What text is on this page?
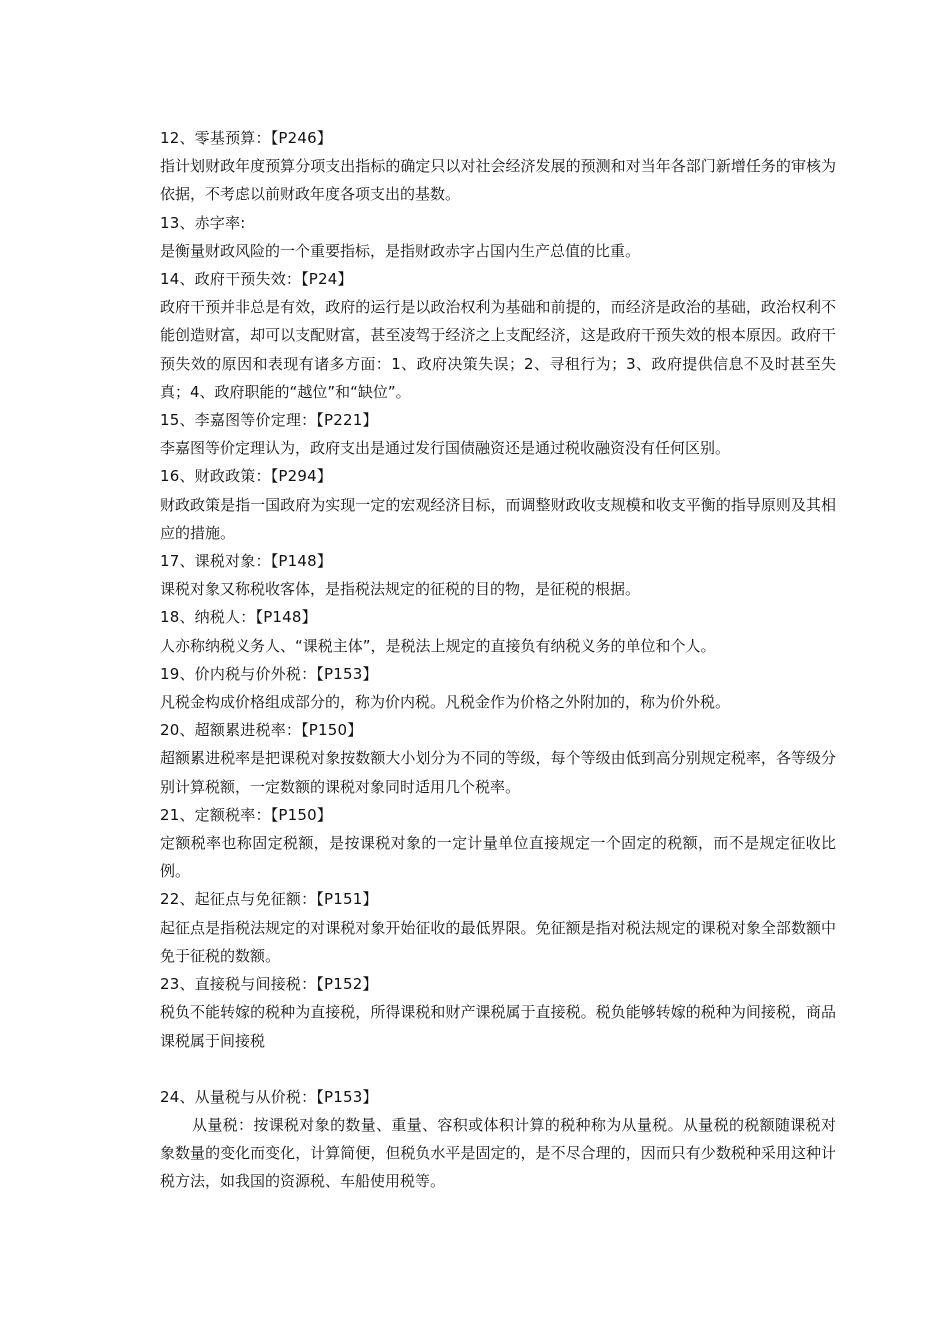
12、零基预算：【P246】

指计划财政年度预算分项支出指标的确定只以对社会经济发展的预测和对当年各部门新增任务的审核为依据，不考虑以前财政年度各项支出的基数。

13、赤字率:

是衡量财政风险的一个重要指标，是指财政赤字占国内生产总值的比重。

14、政府干预失效：【P24】

政府干预并非总是有效，政府的运行是以政治权利为基础和前提的，而经济是政治的基础，政治权利不能创造财富，却可以支配财富，甚至凌驾于经济之上支配经济，这是政府干预失效的根本原因。政府干预失效的原因和表现有诸多方面：1、政府决策失误；2、寻租行为；3、政府提供信息不及时甚至失真；4、政府职能的“越位”和“缺位”。

15、李嘉图等价定理：【P221】

李嘉图等价定理认为，政府支出是通过发行国债融资还是通过税收融资没有任何区别。

16、财政政策：【P294】

财政政策是指一国政府为实现一定的宏观经济目标，而调整财政收支规模和收支平衡的指导原则及其相应的措施。

17、课税对象：【P148】

课税对象又称税收客体，是指税法规定的征税的目的物，是征税的根据。

18、纳税人：【P148】

人亦称纳税义务人、“课税主体”，是税法上规定的直接负有纳税义务的单位和个人。

19、价内税与价外税：【P153】

凡税金构成价格组成部分的，称为价内税。凡税金作为价格之外附加的，称为价外税。

20、超额累进税率：【P150】

超额累进税率是把课税对象按数额大小划分为不同的等级，每个等级由低到高分别规定税率，各等级分别计算税额，一定数额的课税对象同时适用几个税率。

21、定额税率：【P150】

定额税率也称固定税额，是按课税对象的一定计量单位直接规定一个固定的税额，而不是规定征收比例。

22、起征点与免征额：【P151】

起征点是指税法规定的对课税对象开始征收的最低界限。免征额是指对税法规定的课税对象全部数额中免于征税的数额。

23、直接税与间接税：【P152】

税负不能转嫁的税种为直接税，所得课税和财产课税属于直接税。税负能够转嫁的税种为间接税，商品课税属于间接税

24、从量税与从价税：【P153】

从量税：按课税对象的数量、重量、容积或体积计算的税种称为从量税。从量税的税额随课税对象数量的变化而变化，计算简便，但税负水平是固定的，是不尽合理的，因而只有少数税种采用这种计税方法，如我国的资源税、车船使用税等。
